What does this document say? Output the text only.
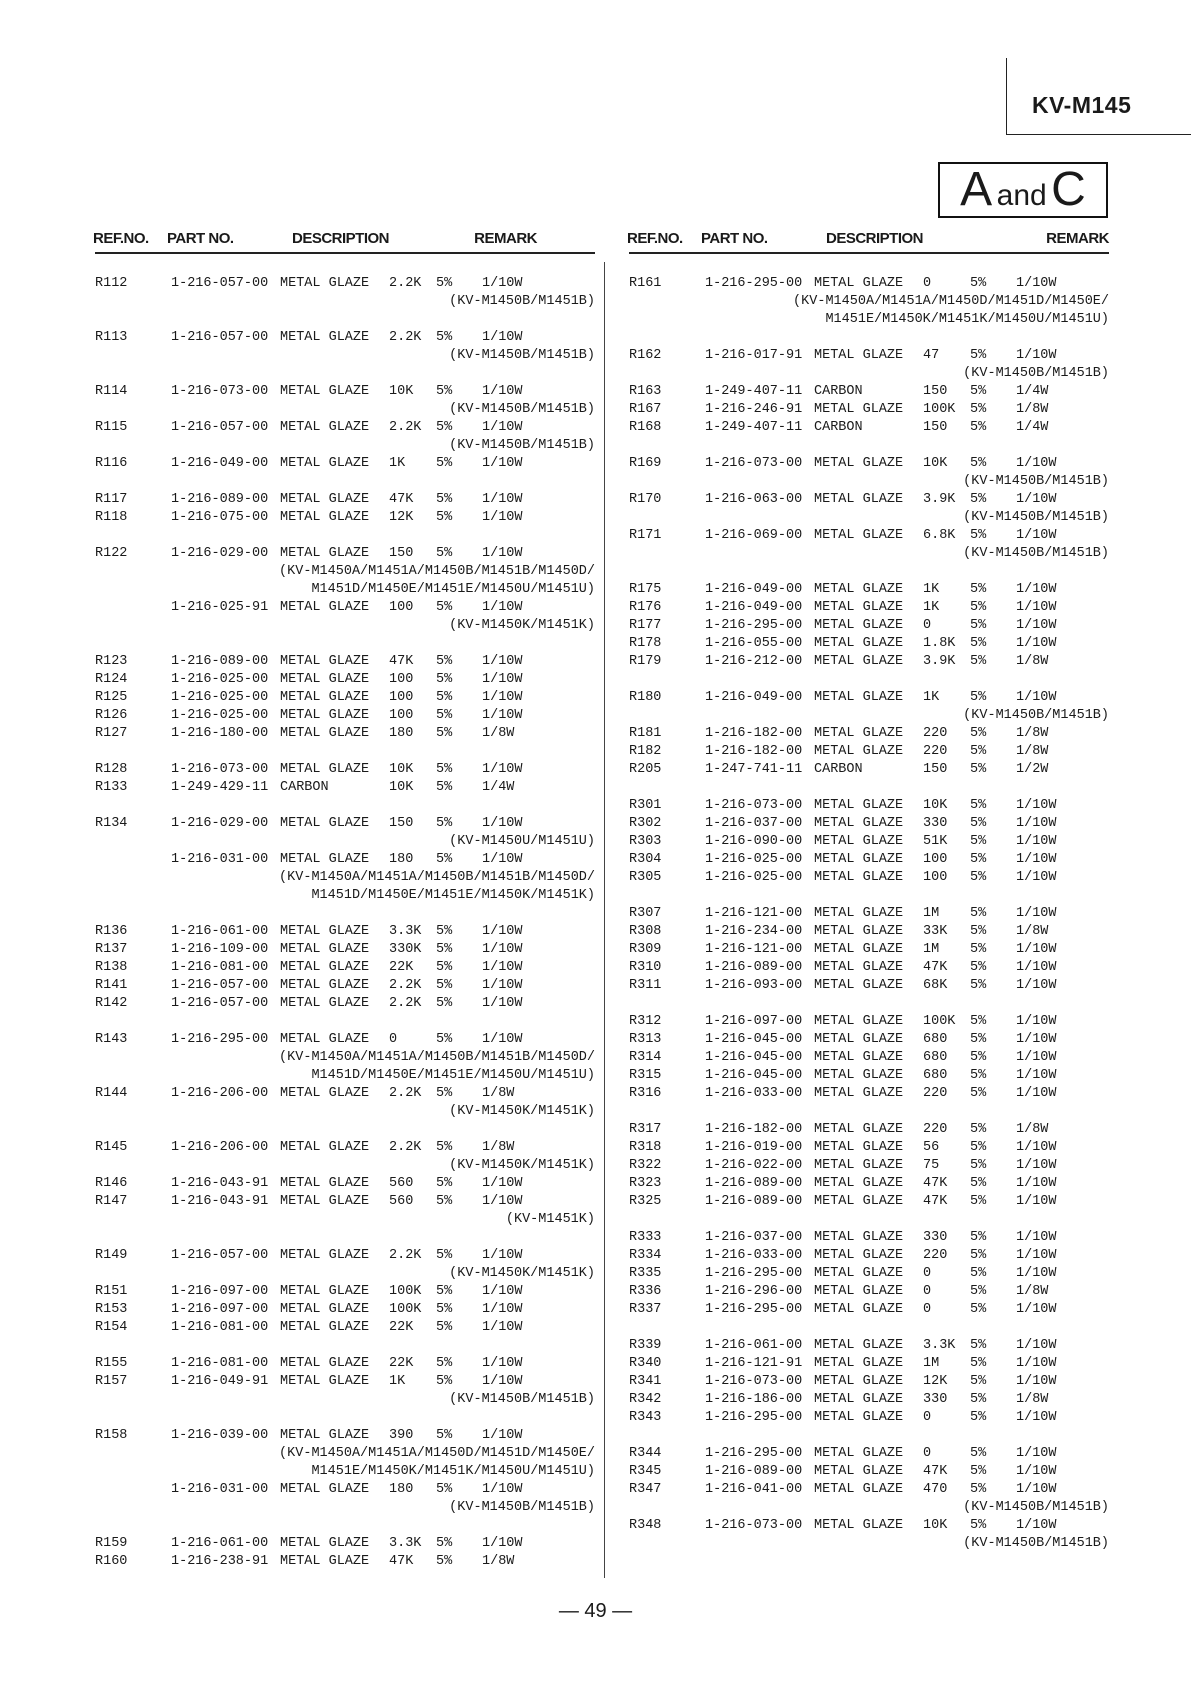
KV-M145
A and C
REF.NO. PART NO.	DESCRIPTION	REMARK
R112	1-216-057-00 METAL GLAZE 2.2K 5% 1/10W
(KV-M1450B/M1451B)
R113	1-216-057-00 METAL GLAZE 2.2K 5% 1/10W
(KV-M1450B/M1451B)
R114	1-216-073-00 METAL GLAZE 10K 5% 1/10W
(KV-M1450B/M1451B)
R115	1-216-057-00 METAL GLAZE 2.2K 5% 1/10W
(KV-M1450B/M1451B)
R116	1-216-049-00 METAL GLAZE 1K 5% 1/10W
R117	1-216-089-00 METAL GLAZE 47K 5% 1/10W
R118	1-216-075-00 METAL GLAZE 12K 5% 1/10W
R122	1-216-029-00 METAL GLAZE 150 5% 1/10W
(KV-M1450A/M1451A/M1450B/M1451B/M1450D/
M1451D/M1450E/M1451E/M1450U/M1451U)
1-216-025-91 METAL GLAZE 100 5% 1/10W
(KV-M1450K/M1451K)
R123	1-216-089-00 METAL GLAZE 47K 5% 1/10W
R124	1-216-025-00 METAL GLAZE 100 5% 1/10W
R125	1-216-025-00 METAL GLAZE 100 5% 1/10W
R126	1-216-025-00 METAL GLAZE 100 5% 1/10W
R127	1-216-180-00 METAL GLAZE 180 5% 1/8W
R128	1-216-073-00 METAL GLAZE 10K 5% 1/10W
R133	1-249-429-11 CARBON	10K 5% 1/4W
R134	1-216-029-00 METAL GLAZE 150 5% 1/10W
(KV-M1450U/M1451U)
1-216-031-00 METAL GLAZE 180 5% 1/10W
(KV-M1450A/M1451A/M1450B/M1451B/M1450D/
M1451D/M1450E/M1451E/M1450K/M1451K)
R136	1-216-061-00 METAL GLAZE 3.3K 5% 1/10W
R137	1-216-109-00 METAL GLAZE 330K 5% 1/10W
R138	1-216-081-00 METAL GLAZE 22K 5% 1/10W
R141	1-216-057-00 METAL GLAZE 2.2K 5% 1/10W
R142	1-216-057-00 METAL GLAZE 2.2K 5% 1/10W
R143	1-216-295-00 METAL GLAZE 0	5% 1/10W
(KV-M1450A/M1451A/M1450B/M1451B/M1450D/
M1451D/M1450E/M1451E/M1450U/M1451U)
R144	1-216-206-00 METAL GLAZE 2.2K 5% 1/8W
(KV-M1450K/M1451K)
R145	1-216-206-00 METAL GLAZE 2.2K 5% 1/8W
(KV-M1450K/M1451K)
R146	1-216-043-91 METAL GLAZE 560 5% 1/10W
R147	1-216-043-91 METAL GLAZE 560 5% 1/10W
(KV-M1451K)
R149	1-216-057-00 METAL GLAZE 2.2K 5% 1/10W
(KV-M1450K/M1451K)
R151	1-216-097-00 METAL GLAZE 100K 5% 1/10W
R153	1-216-097-00 METAL GLAZE 100K 5% 1/10W
R154	1-216-081-00 METAL GLAZE 22K 5% 1/10W
R155	1-216-081-00 METAL GLAZE 22K 5% 1/10W
R157	1-216-049-91 METAL GLAZE 1K 5% 1/10W
(KV-M1450B/M1451B)
R158	1-216-039-00 METAL GLAZE 390 5% 1/10W
(KV-M1450A/M1451A/M1450D/M1451D/M1450E/
M1451E/M1450K/M1451K/M1450U/M1451U)
1-216-031-00 METAL GLAZE 180 5% 1/10W
(KV-M1450B/M1451B)
R159	1-216-061-00 METAL GLAZE 3.3K 5% 1/10W
R160	1-216-238-91 METAL GLAZE 47K 5% 1/8W
REF.NO. PART NO.	DESCRIPTION	REMARK
R161	1-216-295-00 METAL GLAZE 0	5% 1/10W
(KV-M1450A/M1451A/M1450D/M1451D/M1450E/
M1451E/M1450K/M1451K/M1450U/M1451U)
R162	1-216-017-91 METAL GLAZE 47 5% 1/10W
(KV-M1450B/M1451B)
R163	1-249-407-11 CARBON	150 5% 1/4W
R167	1-216-246-91 METAL GLAZE 100K 5% 1/8W
R168	1-249-407-11 CARBON	150 5% 1/4W
R169	1-216-073-00 METAL GLAZE 10K 5% 1/10W
(KV-M1450B/M1451B)
R170	1-216-063-00 METAL GLAZE 3.9K 5% 1/10W
(KV-M1450B/M1451B)
R171	1-216-069-00 METAL GLAZE 6.8K 5% 1/10W
(KV-M1450B/M1451B)
R175	1-216-049-00 METAL GLAZE 1K 5% 1/10W
R176	1-216-049-00 METAL GLAZE 1K 5% 1/10W
R177	1-216-295-00 METAL GLAZE 0	5% 1/10W
R178	1-216-055-00 METAL GLAZE 1.8K 5% 1/10W
R179	1-216-212-00 METAL GLAZE 3.9K 5% 1/8W
R180	1-216-049-00 METAL GLAZE 1K 5% 1/10W
(KV-M1450B/M1451B)
R181	1-216-182-00 METAL GLAZE 220 5% 1/8W
R182	1-216-182-00 METAL GLAZE 220 5% 1/8W
R205	1-247-741-11 CARBON	150 5% 1/2W
R301	1-216-073-00 METAL GLAZE 10K 5% 1/10W
R302	1-216-037-00 METAL GLAZE 330 5% 1/10W
R303	1-216-090-00 METAL GLAZE 51K 5% 1/10W
R304	1-216-025-00 METAL GLAZE 100 5% 1/10W
R305	1-216-025-00 METAL GLAZE 100 5% 1/10W
R307	1-216-121-00 METAL GLAZE 1M 5% 1/10W
R308	1-216-234-00 METAL GLAZE 33K 5% 1/8W
R309	1-216-121-00 METAL GLAZE 1M 5% 1/10W
R310	1-216-089-00 METAL GLAZE 47K 5% 1/10W
R311	1-216-093-00 METAL GLAZE 68K 5% 1/10W
R312	1-216-097-00 METAL GLAZE 100K 5% 1/10W
R313	1-216-045-00 METAL GLAZE 680 5% 1/10W
R314	1-216-045-00 METAL GLAZE 680 5% 1/10W
R315	1-216-045-00 METAL GLAZE 680 5% 1/10W
R316	1-216-033-00 METAL GLAZE 220 5% 1/10W
R317	1-216-182-00 METAL GLAZE 220 5% 1/8W
R318	1-216-019-00 METAL GLAZE 56 5% 1/10W
R322	1-216-022-00 METAL GLAZE 75 5% 1/10W
R323	1-216-089-00 METAL GLAZE 47K 5% 1/10W
R325	1-216-089-00 METAL GLAZE 47K 5% 1/10W
R333	1-216-037-00 METAL GLAZE 330 5% 1/10W
R334	1-216-033-00 METAL GLAZE 220 5% 1/10W
R335	1-216-295-00 METAL GLAZE 0	5% 1/10W
R336	1-216-296-00 METAL GLAZE 0	5% 1/8W
R337	1-216-295-00 METAL GLAZE 0	5% 1/10W
R339	1-216-061-00 METAL GLAZE 3.3K 5% 1/10W
R340	1-216-121-91 METAL GLAZE 1M 5% 1/10W
R341	1-216-073-00 METAL GLAZE 12K 5% 1/10W
R342	1-216-186-00 METAL GLAZE 330 5% 1/8W
R343	1-216-295-00 METAL GLAZE 0	5% 1/10W
R344	1-216-295-00 METAL GLAZE 0	5% 1/10W
R345	1-216-089-00 METAL GLAZE 47K 5% 1/10W
R347	1-216-041-00 METAL GLAZE 470 5% 1/10W
(KV-M1450B/M1451B)
R348	1-216-073-00 METAL GLAZE 10K 5% 1/10W
(KV-M1450B/M1451B)
— 49 —
